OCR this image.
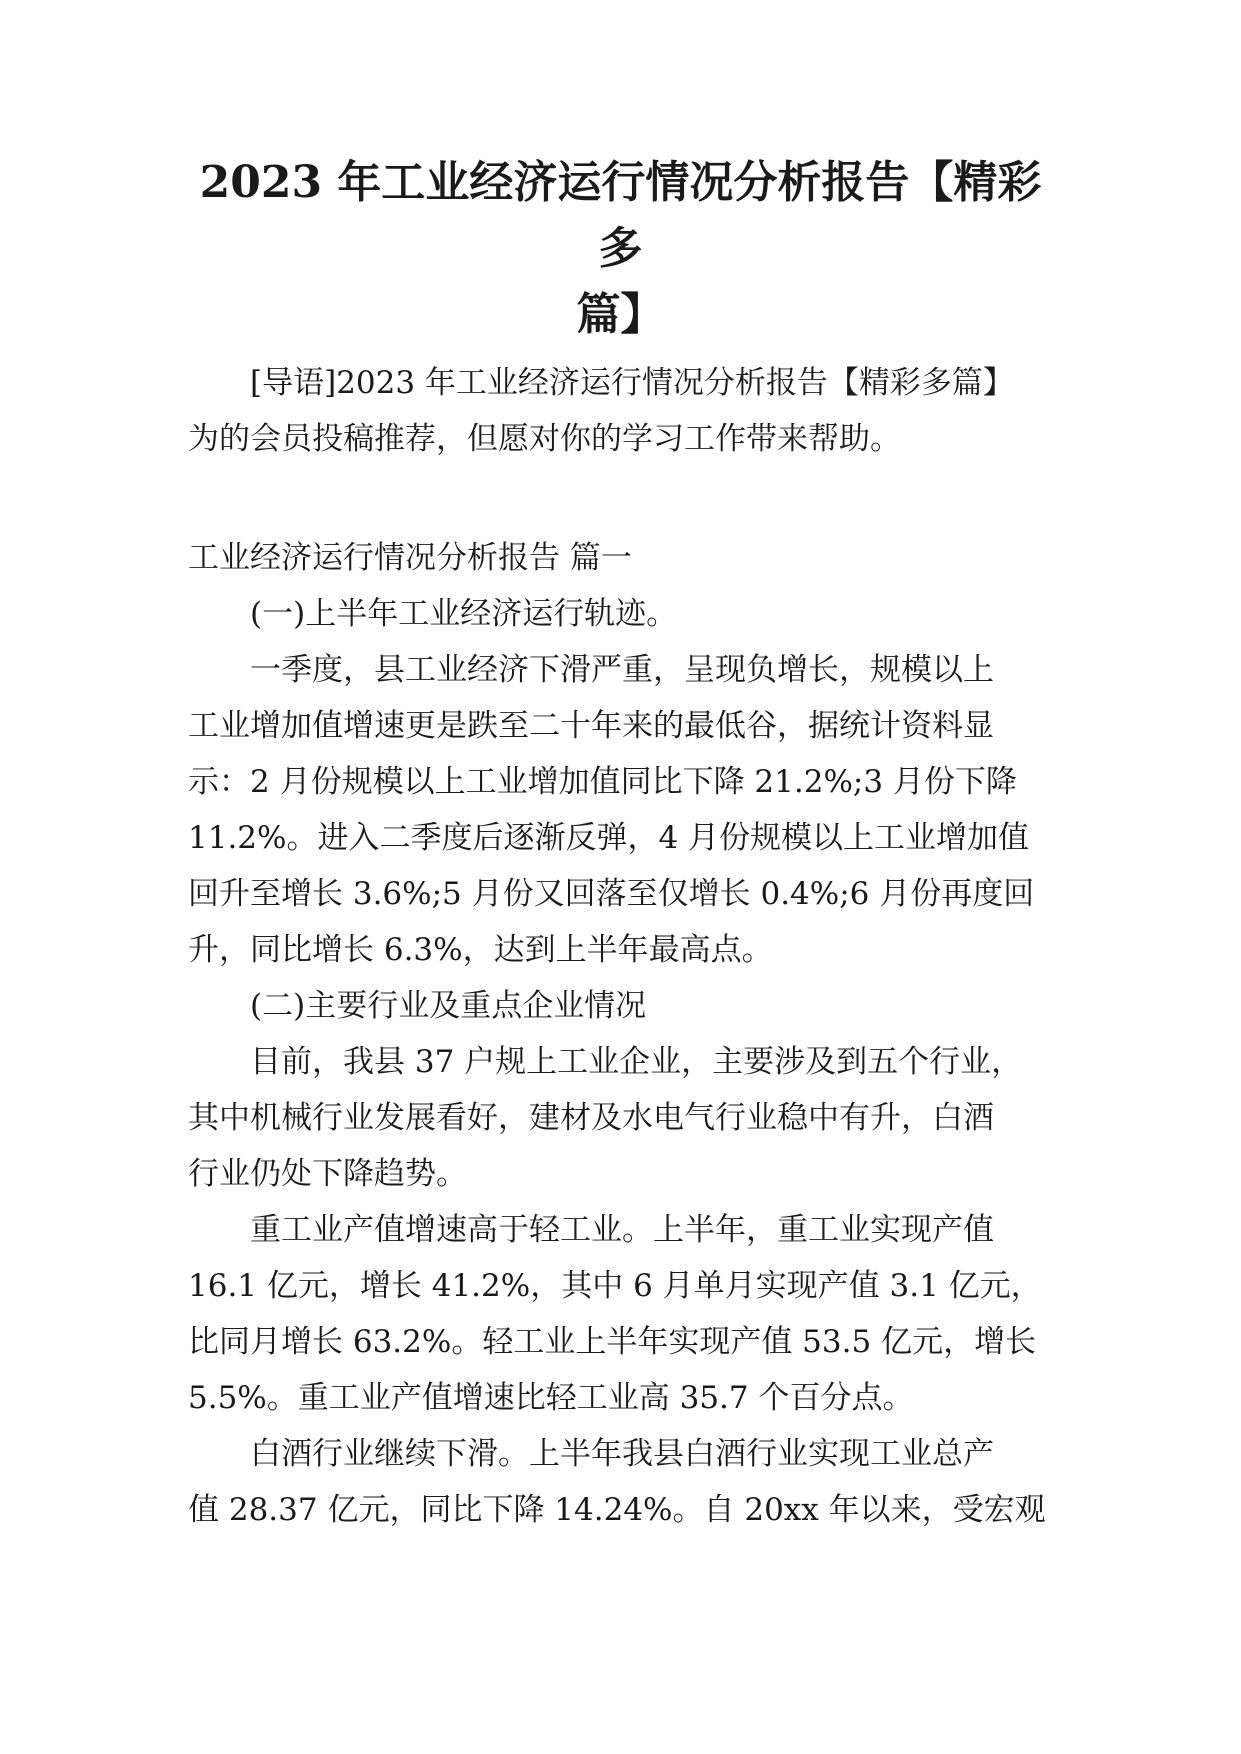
2023 年工业经济运行情况分析报告【精彩多
篇】
[导语]2023 年工业经济运行情况分析报告【精彩多篇】
为的会员投稿推荐，但愿对你的学习工作带来帮助。
工业经济运行情况分析报告 篇一
(一)上半年工业经济运行轨迹。
一季度，县工业经济下滑严重，呈现负增长，规模以上
工业增加值增速更是跌至二十年来的最低谷，据统计资料显
示：2 月份规模以上工业增加值同比下降 21.2%;3 月份下降
11.2%。进入二季度后逐渐反弹，4 月份规模以上工业增加值
回升至增长 3.6%;5 月份又回落至仅增长 0.4%;6 月份再度回
升，同比增长 6.3%，达到上半年最高点。
(二)主要行业及重点企业情况
目前，我县 37 户规上工业企业，主要涉及到五个行业，
其中机械行业发展看好，建材及水电气行业稳中有升，白酒
行业仍处下降趋势。
重工业产值增速高于轻工业。上半年，重工业实现产值
16.1 亿元，增长 41.2%，其中 6 月单月实现产值 3.1 亿元，
比同月增长 63.2%。轻工业上半年实现产值 53.5 亿元，增长
5.5%。重工业产值增速比轻工业高 35.7 个百分点。
白酒行业继续下滑。上半年我县白酒行业实现工业总产
值 28.37 亿元，同比下降 14.24%。自 20xx 年以来，受宏观
